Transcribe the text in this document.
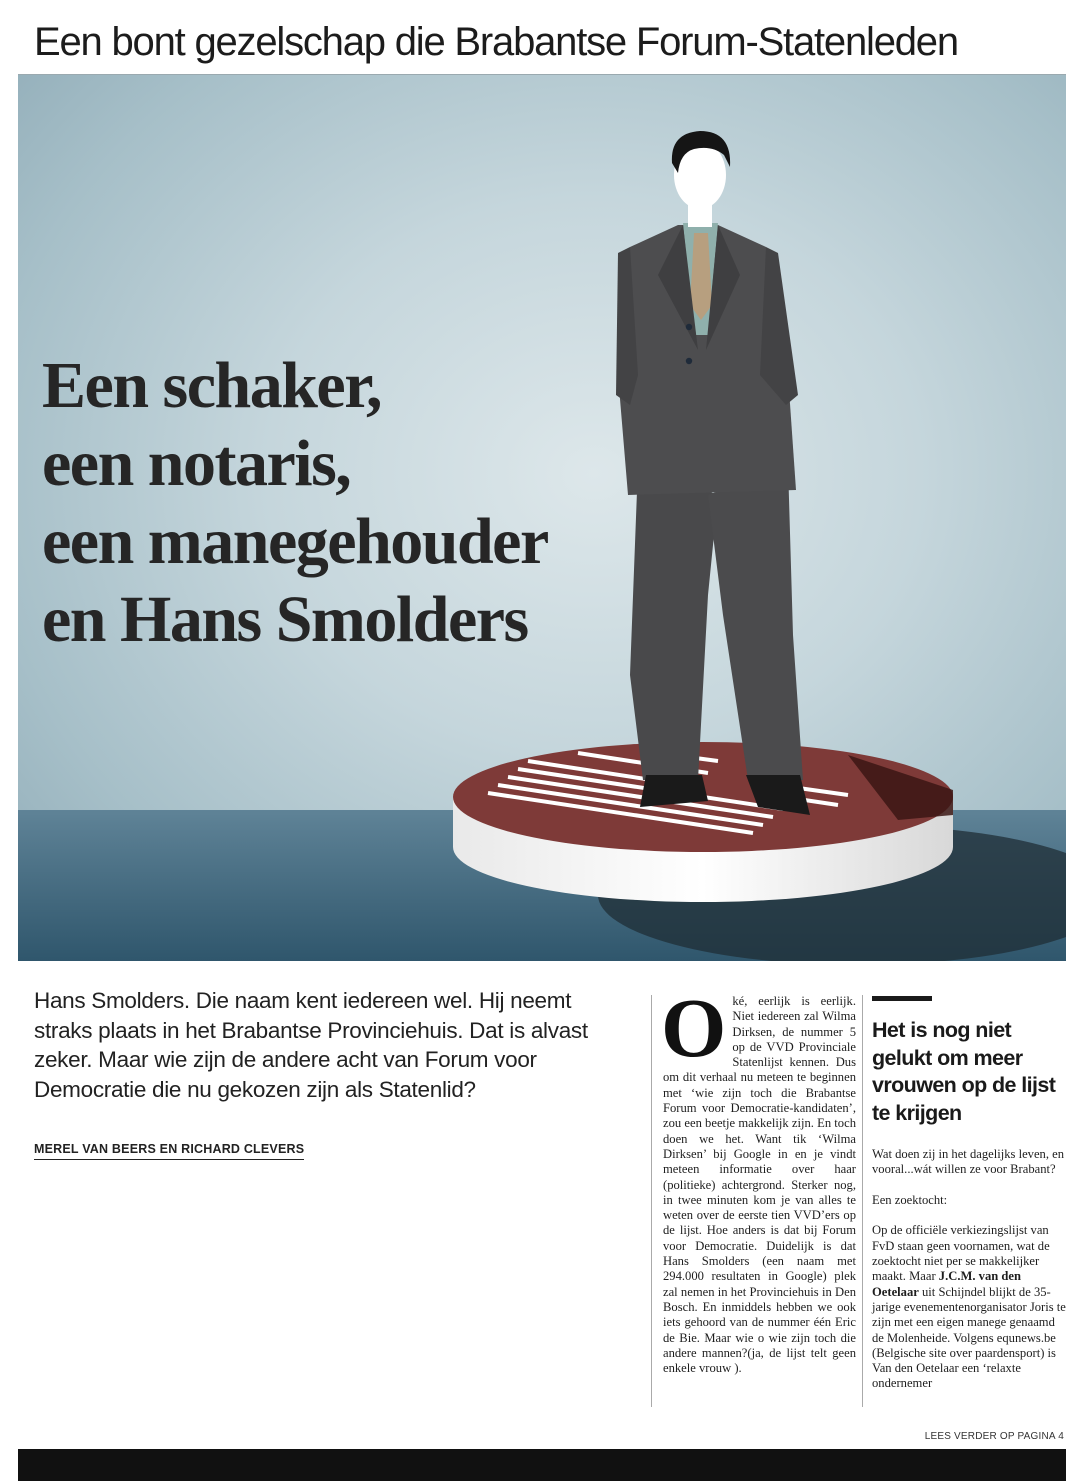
Een bont gezelschap die Brabantse Forum-Statenleden
Een schaker,
een notaris,
een manegehouder
en Hans Smolders

Hans Smolders. Die naam kent iedereen wel. Hij neemt straks plaats in het Brabantse Provinciehuis. Dat is alvast zeker. Maar wie zijn de andere acht van Forum voor Democratie die nu gekozen zijn als Statenlid?

MEREL VAN BEERS EN RICHARD CLEVERS
O ké, eerlijk is eerlijk. Niet iedereen zal Wilma Dirksen, de nummer 5 op de VVD Provinciale Statenlijst kennen. Dus om dit verhaal nu meteen te beginnen met ‘wie zijn toch die Brabantse Forum voor Democratie-kandidaten’, zou een beetje makkelijk zijn. En toch doen we het. Want tik ‘Wilma Dirksen’ bij Google in en je vindt meteen informatie over haar (politieke) achtergrond. Sterker nog, in twee minuten kom je van alles te weten over de eerste tien VVD’ers op de lijst. Hoe anders is dat bij Forum voor Democratie. Duidelijk is dat Hans Smolders (een naam met 294.000 resultaten in Google) plek zal nemen in het Provinciehuis in Den Bosch. En inmiddels hebben we ook iets gehoord van de nummer één Eric de Bie. Maar wie o wie zijn toch die andere mannen?(ja, de lijst telt geen enkele vrouw ).
Het is nog niet gelukt om meer vrouwen op de lijst te krijgen

Wat doen zij in het dagelijks leven, en vooral...wát willen ze voor Brabant?

Een zoektocht:

Op de officiële verkiezingslijst van FvD staan geen voornamen, wat de zoektocht niet per se makkelijker maakt. Maar J.C.M. van den Oetelaar uit Schijndel blijkt de 35-jarige evenementenorganisator Joris te zijn met een eigen manege genaamd de Molenheide. Volgens equnews.be (Belgische site over paardensport) is Van den Oetelaar een ‘relaxte ondernemer

LEES VERDER OP PAGINA 4
